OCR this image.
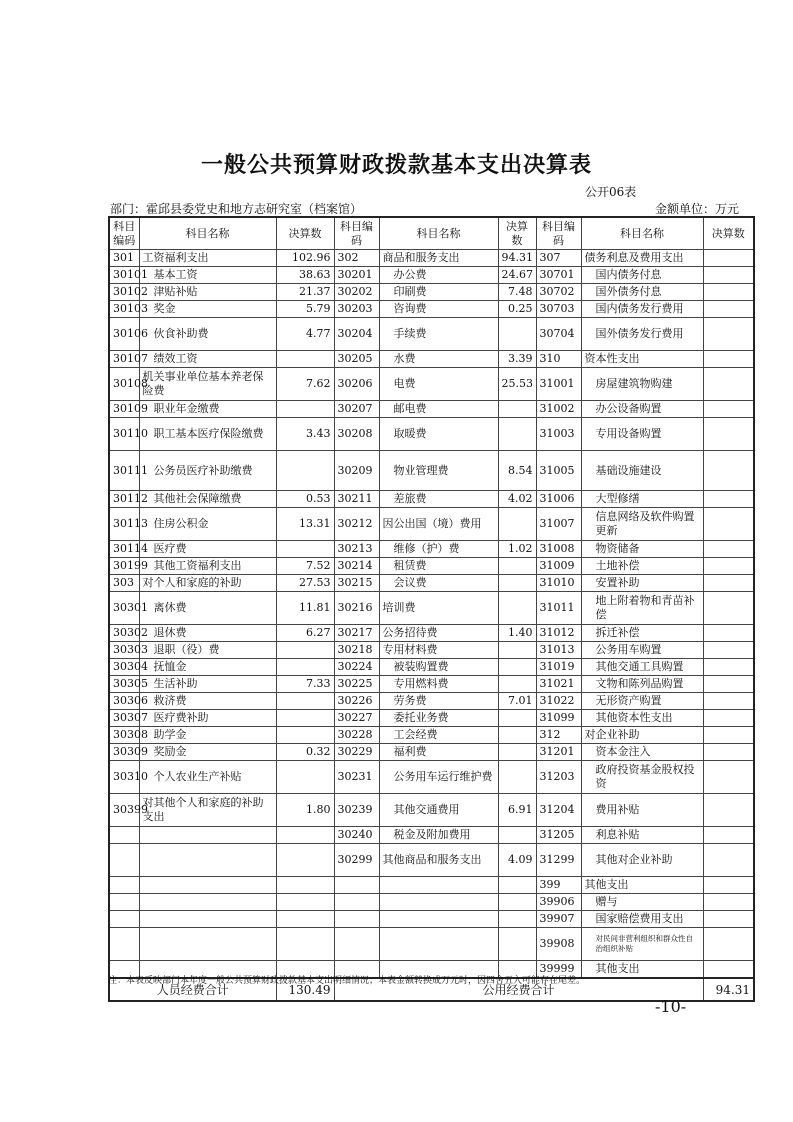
一般公共预算财政拨款基本支出决算表
公开06表
部门：霍邱县委党史和地方志研究室（档案馆）	金额单位：万元
科目编码	科目名称	决算数	科目编码	科目名称	决算数	科目编码	科目名称	决算数
301	工资福利支出	102.96	302	商品和服务支出	94.31	307	债务利息及费用支出	
30101	基本工资	38.63	30201	办公费	24.67	30701	国内债务付息	
30102	津贴补贴	21.37	30202	印刷费	7.48	30702	国外债务付息	
30103	奖金	5.79	30203	咨询费	0.25	30703	国内债务发行费用	
30106	伙食补助费	4.77	30204	手续费		30704	国外债务发行费用	
30107	绩效工资		30205	水费	3.39	310	资本性支出	
30108	机关事业单位基本养老保险费	7.62	30206	电费	25.53	31001	房屋建筑物购建	
30109	职业年金缴费		30207	邮电费		31002	办公设备购置	
30110	职工基本医疗保险缴费	3.43	30208	取暖费		31003	专用设备购置	
30111	公务员医疗补助缴费		30209	物业管理费	8.54	31005	基础设施建设	
30112	其他社会保障缴费	0.53	30211	差旅费	4.02	31006	大型修缮	
30113	住房公积金	13.31	30212	因公出国（境）费用		31007	信息网络及软件购置更新	
30114	医疗费		30213	维修（护）费	1.02	31008	物资储备	
30199	其他工资福利支出	7.52	30214	租赁费		31009	土地补偿	
303	对个人和家庭的补助	27.53	30215	会议费		31010	安置补助	
30301	离休费	11.81	30216	培训费		31011	地上附着物和青苗补偿	
30302	退休费	6.27	30217	公务招待费	1.40	31012	拆迁补偿	
30303	退职（役）费		30218	专用材料费		31013	公务用车购置	
30304	抚恤金		30224	被装购置费		31019	其他交通工具购置	
30305	生活补助	7.33	30225	专用燃料费		31021	文物和陈列品购置	
30306	救济费		30226	劳务费	7.01	31022	无形资产购置	
30307	医疗费补助		30227	委托业务费		31099	其他资本性支出	
30308	助学金		30228	工会经费		312	对企业补助	
30309	奖励金	0.32	30229	福利费		31201	资本金注入	
30310	个人农业生产补贴		30231	公务用车运行维护费		31203	政府投资基金股权投资	
30399	对其他个人和家庭的补助支出	1.80	30239	其他交通费用	6.91	31204	费用补贴	
			30240	税金及附加费用		31205	利息补贴	
			30299	其他商品和服务支出	4.09	31299	其他对企业补助	
						399	其他支出	
						39906	赠与	
						39907	国家赔偿费用支出	
						39908	对民间非营利组织和群众性自治组织补贴	
						39999	其他支出	
人员经费合计		130.49	公用经费合计					94.31
注：本表反映部门本年度一般公共预算财政拨款基本支出明细情况；本表金额转换成万元时，因四舍五入可能存在尾差。
-10-
